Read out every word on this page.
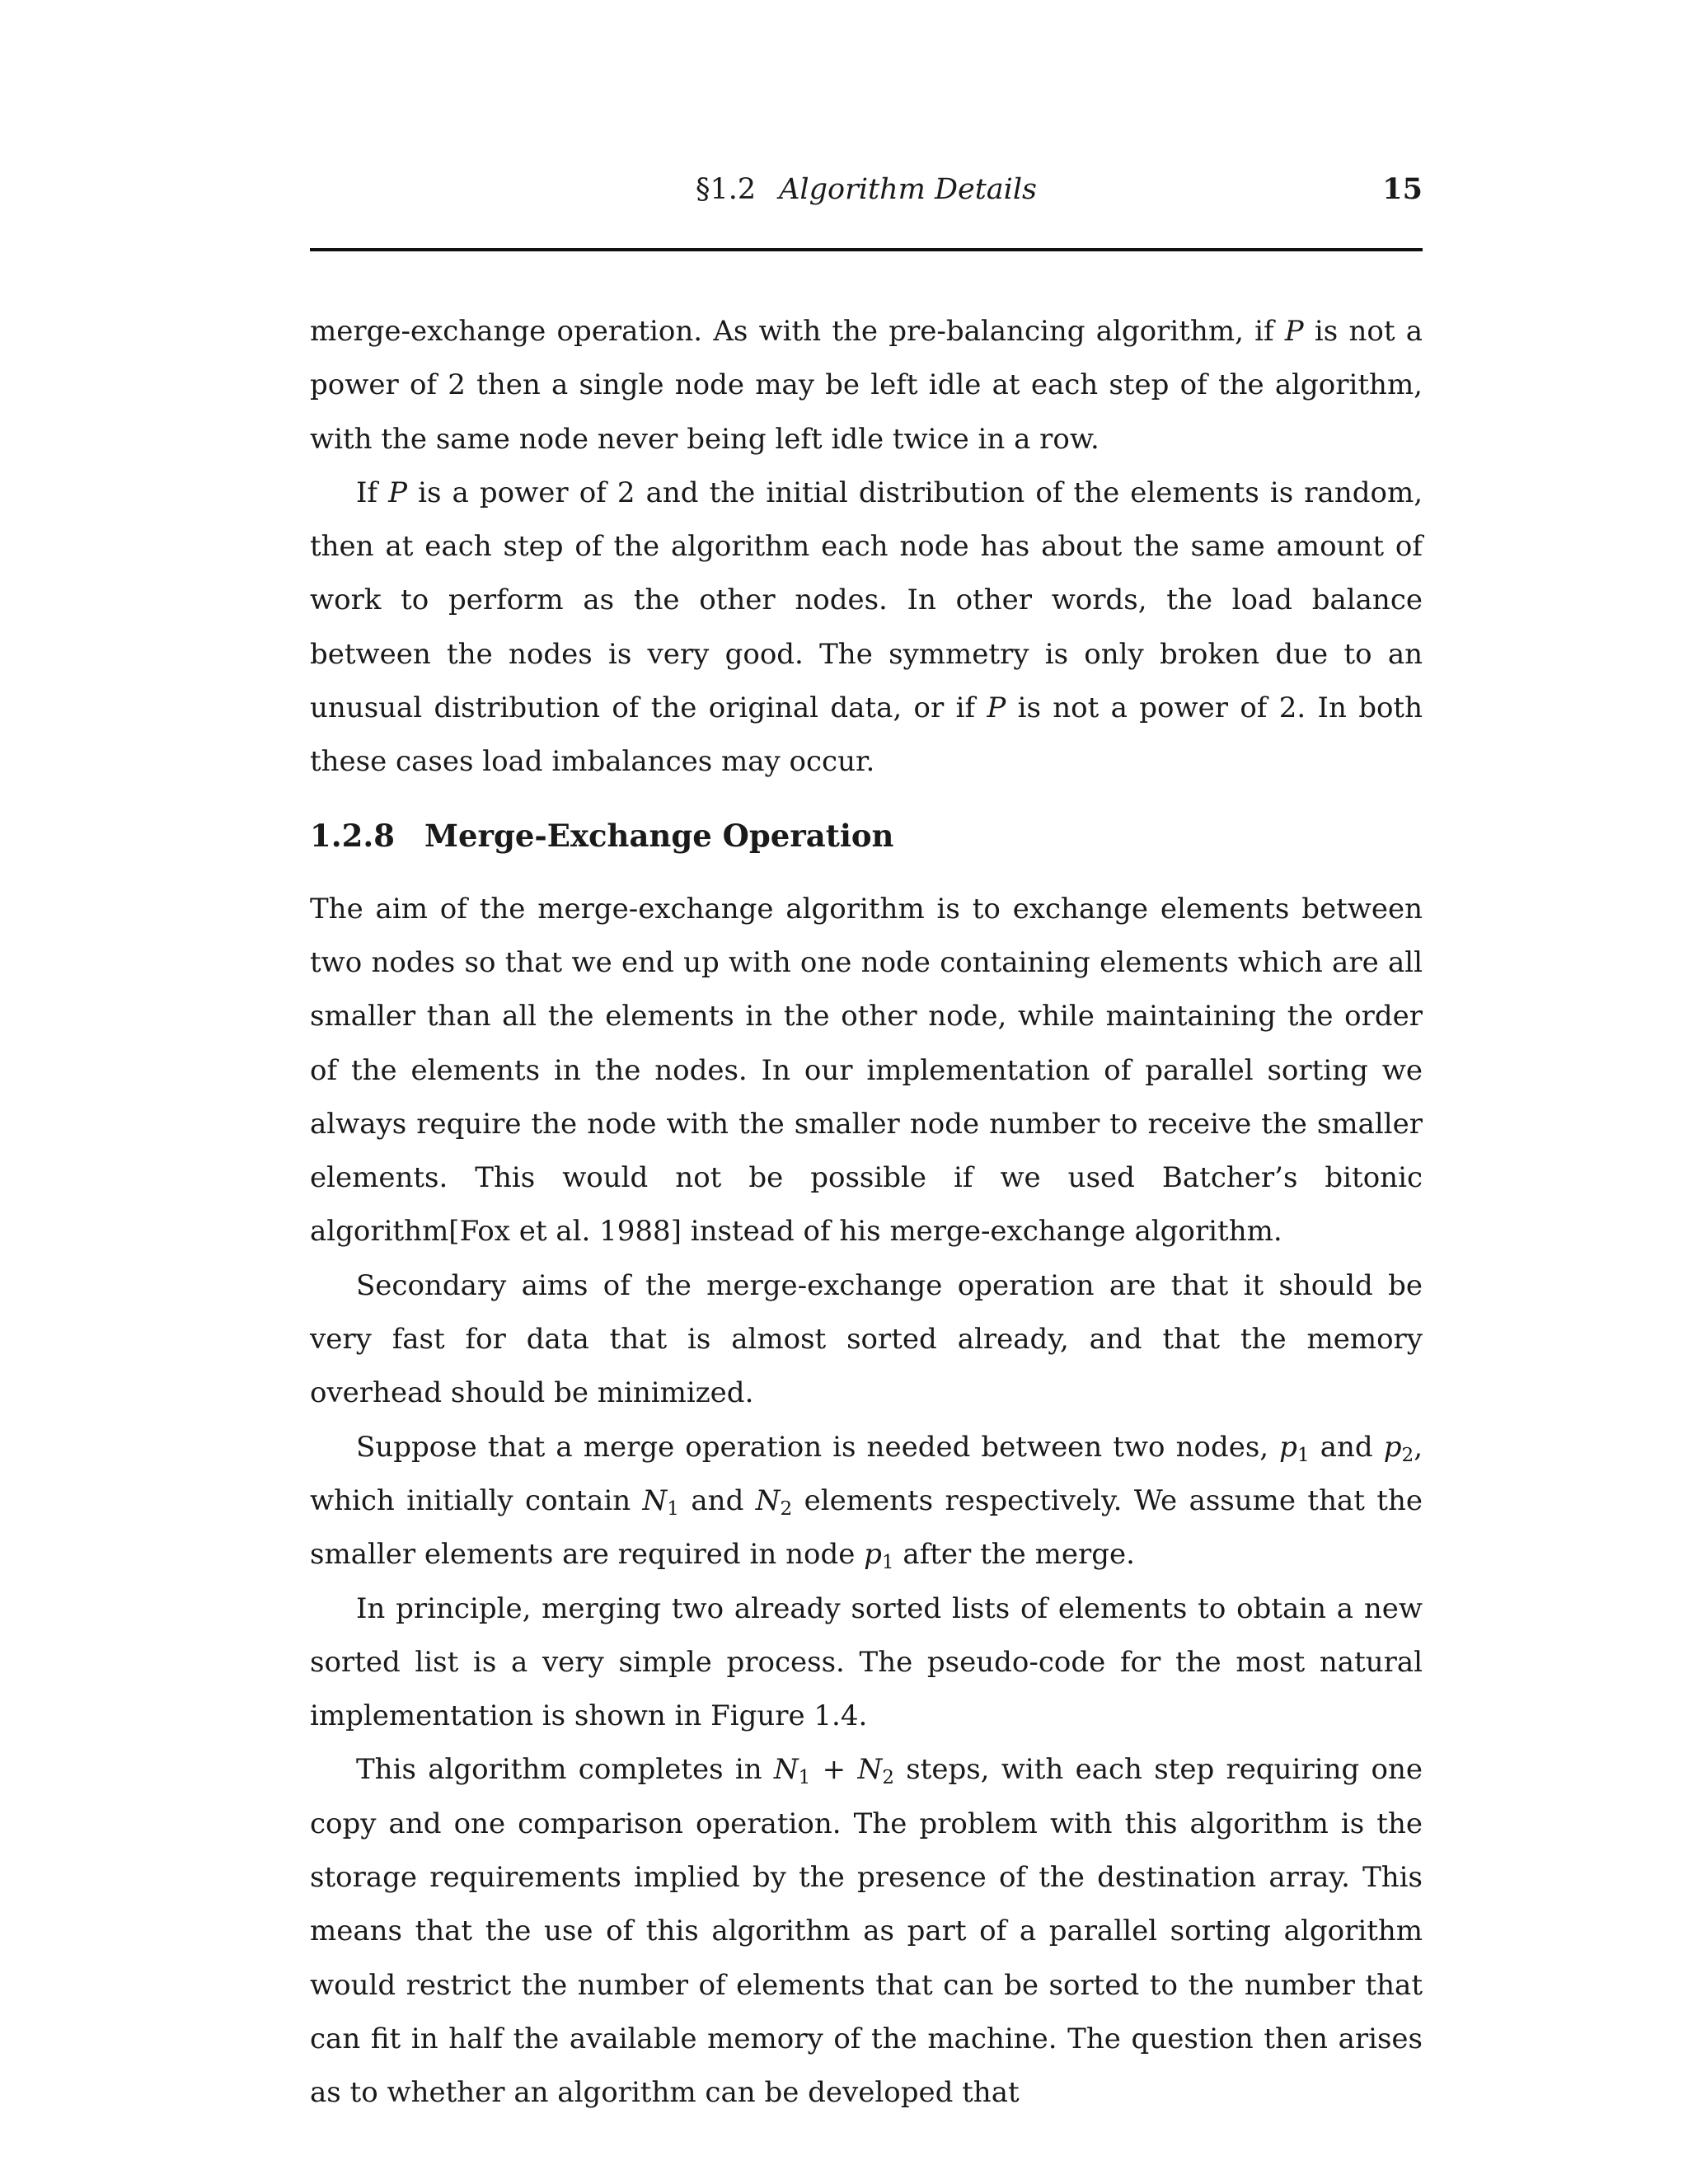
§1.2 Algorithm Details	15

merge-exchange operation. As with the pre-balancing algorithm, if P is not a power of 2 then a single node may be left idle at each step of the algorithm, with the same node never being left idle twice in a row.

If P is a power of 2 and the initial distribution of the elements is random, then at each step of the algorithm each node has about the same amount of work to perform as the other nodes. In other words, the load balance between the nodes is very good. The symmetry is only broken due to an unusual distribution of the original data, or if P is not a power of 2. In both these cases load imbalances may occur.

1.2.8 Merge-Exchange Operation

The aim of the merge-exchange algorithm is to exchange elements between two nodes so that we end up with one node containing elements which are all smaller than all the elements in the other node, while maintaining the order of the elements in the nodes. In our implementation of parallel sorting we always require the node with the smaller node number to receive the smaller elements. This would not be possible if we used Batcher’s bitonic algorithm[Fox et al. 1988] instead of his merge-exchange algorithm.

Secondary aims of the merge-exchange operation are that it should be very fast for data that is almost sorted already, and that the memory overhead should be minimized.

Suppose that a merge operation is needed between two nodes, $p_1$ and $p_2$, which initially contain $N_1$ and $N_2$ elements respectively. We assume that the smaller elements are required in node $p_1$ after the merge.

In principle, merging two already sorted lists of elements to obtain a new sorted list is a very simple process. The pseudo-code for the most natural implementation is shown in Figure 1.4.

This algorithm completes in $N_1 + N_2$ steps, with each step requiring one copy and one comparison operation. The problem with this algorithm is the storage requirements implied by the presence of the destination array. This means that the use of this algorithm as part of a parallel sorting algorithm would restrict the number of elements that can be sorted to the number that can fit in half the available memory of the machine. The question then arises as to whether an algorithm can be developed that
